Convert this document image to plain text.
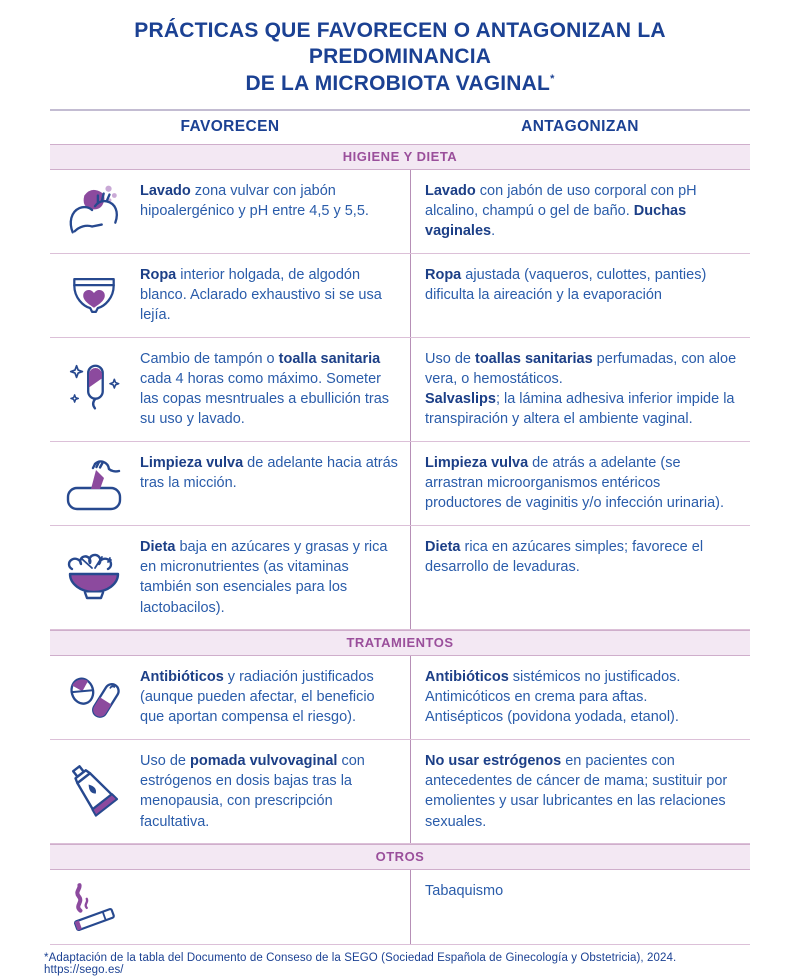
PRÁCTICAS QUE FAVORECEN O ANTAGONIZAN LA PREDOMINANCIA
DE LA MICROBIOTA VAGINAL*
FAVORECEN	ANTAGONIZAN
HIGIENE Y DIETA
Lavado zona vulvar con jabón hipoalergénico y pH entre 4,5 y 5,5.
Lavado con jabón de uso corporal con pH alcalino, champú o gel de baño. Duchas vaginales.
Ropa interior holgada, de algodón blanco. Aclarado exhaustivo si se usa lejía.
Ropa ajustada (vaqueros, culottes, panties) dificulta la aireación y la evaporación
Cambio de tampón o toalla sanitaria cada 4 horas como máximo. Someter las copas mesntruales a ebullición tras su uso y lavado.
Uso de toallas sanitarias perfumadas, con aloe vera, o hemostáticos.
Salvaslips; la lámina adhesiva inferior impide la transpiración y altera el ambiente vaginal.
Limpieza vulva de adelante hacia atrás tras la micción.
Limpieza vulva de atrás a adelante (se arrastran microorganismos entéricos productores de vaginitis y/o infección urinaria).
Dieta baja en azúcares y grasas y rica en micronutrientes (as vitaminas también son esenciales para los lactobacilos).
Dieta rica en azúcares simples; favorece el desarrollo de levaduras.
TRATAMIENTOS
Antibióticos y radiación justificados (aunque pueden afectar, el beneficio que aportan compensa el riesgo).
Antibióticos sistémicos no justificados.
Antimicóticos en crema para aftas.
Antisépticos (povidona yodada, etanol).
Uso de pomada vulvovaginal con estrógenos en dosis bajas tras la menopausia, con prescripción facultativa.
No usar estrógenos en pacientes con antecedentes de cáncer de mama; sustituir por emolientes y usar lubricantes en las relaciones sexuales.
OTROS
Tabaquismo
*Adaptación de la tabla del Documento de Conseso de la SEGO (Sociedad Española de Ginecología y Obstetricia), 2024. https://sego.es/
